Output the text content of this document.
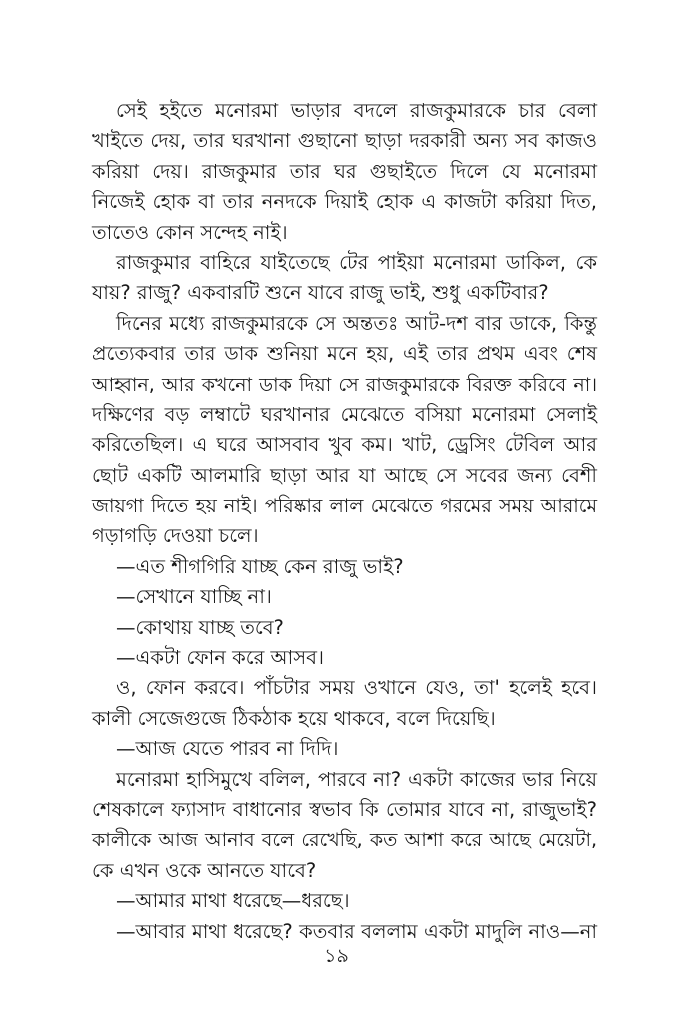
সেই হইতে মনোরমা ভাড়ার বদলে রাজকুমারকে চার বেলা
খাইতে দেয়, তার ঘরখানা গুছানো ছাড়া দরকারী অন্য সব কাজও
করিয়া দেয়। রাজকুমার তার ঘর গুছাইতে দিলে যে মনোরমা
নিজেই হোক বা তার ননদকে দিয়াই হোক এ কাজটা করিয়া দিত,
তাতেও কোন সন্দেহ নাই।
রাজকুমার বাহিরে যাইতেছে টের পাইয়া মনোরমা ডাকিল, কে
যায়? রাজু? একবারটি শুনে যাবে রাজু ভাই, শুধু একটিবার?
দিনের মধ্যে রাজকুমারকে সে অন্ততঃ আট-দশ বার ডাকে, কিন্তু
প্রত্যেকবার তার ডাক শুনিয়া মনে হয়, এই তার প্রথম এবং শেষ
আহ্বান, আর কখনো ডাক দিয়া সে রাজকুমারকে বিরক্ত করিবে না।
দক্ষিণের বড় লম্বাটে ঘরখানার মেঝেতে বসিয়া মনোরমা সেলাই
করিতেছিল। এ ঘরে আসবাব খুব কম। খাট, ড্রেসিং টেবিল আর
ছোট একটি আলমারি ছাড়া আর যা আছে সে সবের জন্য বেশী
জায়গা দিতে হয় নাই। পরিষ্কার লাল মেঝেতে গরমের সময় আরামে
গড়াগড়ি দেওয়া চলে।
—এত শীগগিরি যাচ্ছ কেন রাজু ভাই?
—সেখানে যাচ্ছি না।
—কোথায় যাচ্ছ তবে?
—একটা ফোন করে আসব।
ও, ফোন করবে। পাঁচটার সময় ওখানে যেও, তা' হলেই হবে।
কালী সেজেগুজে ঠিকঠাক হয়ে থাকবে, বলে দিয়েছি।
—আজ যেতে পারব না দিদি।
মনোরমা হাসিমুখে বলিল, পারবে না? একটা কাজের ভার নিয়ে
শেষকালে ফ্যাসাদ বাধানোর স্বভাব কি তোমার যাবে না, রাজুভাই?
কালীকে আজ আনাব বলে রেখেছি, কত আশা করে আছে মেয়েটা,
কে এখন ওকে আনতে যাবে?
—আমার মাথা ধরেছে—ধরছে।
—আবার মাথা ধরেছে? কতবার বললাম একটা মাদুলি নাও—না
১৯
